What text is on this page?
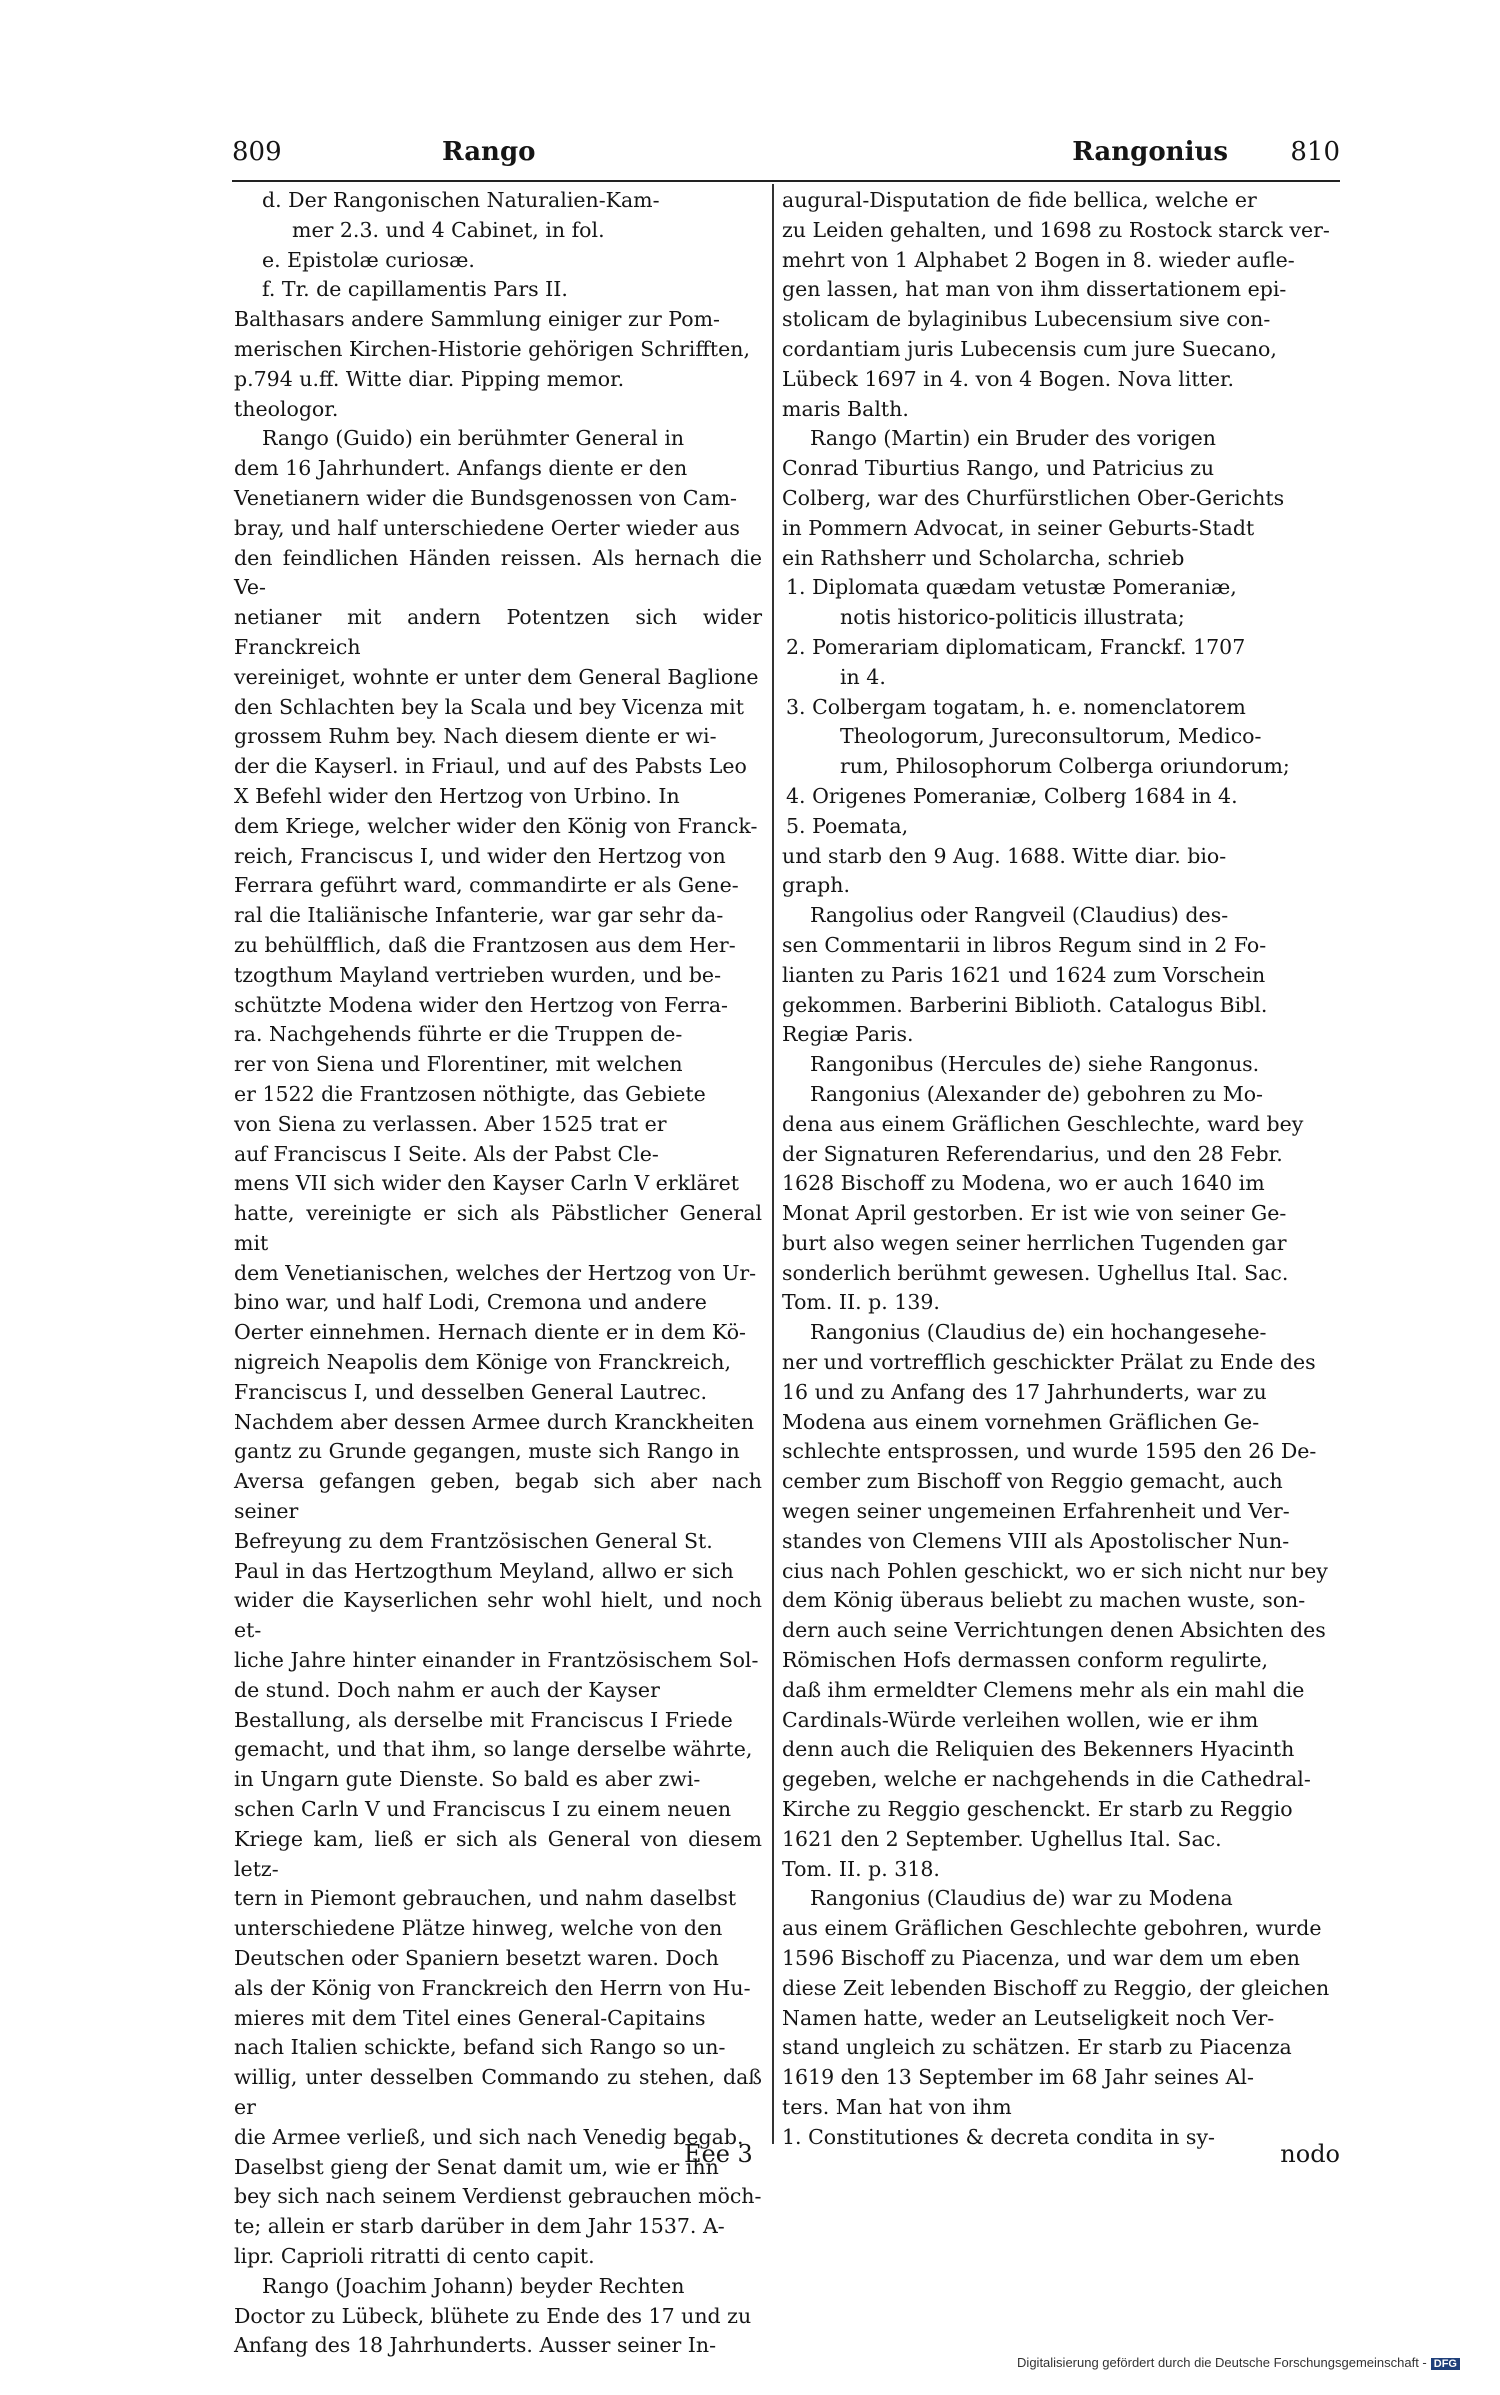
809	Rango	Rangonius 810

d. Der Rangonischen Naturalien-Kam-

mer 2.3. und 4 Cabinet, in fol.

e. Epistolæ curiosæ.

f. Tr. de capillamentis Pars II.

Balthasars andere Sammlung einiger zur Pom-

merischen Kirchen-Historie gehörigen Schrifften,

p.794 u.ff. Witte diar. Pipping memor.

theologor.

Rango (Guido) ein berühmter General in

dem 16 Jahrhundert. Anfangs diente er den

Venetianern wider die Bundsgenossen von Cam-

bray, und half unterschiedene Oerter wieder aus

den feindlichen Händen reissen. Als hernach die Ve-

netianer mit andern Potentzen sich wider Franckreich

vereiniget, wohnte er unter dem General Baglione

den Schlachten bey la Scala und bey Vicenza mit

grossem Ruhm bey. Nach diesem diente er wi-

der die Kayserl. in Friaul, und auf des Pabsts Leo

X Befehl wider den Hertzog von Urbino. In

dem Kriege, welcher wider den König von Franck-

reich, Franciscus I, und wider den Hertzog von

Ferrara geführt ward, commandirte er als Gene-

ral die Italiänische Infanterie, war gar sehr da-

zu behülfflich, daß die Frantzosen aus dem Her-

tzogthum Mayland vertrieben wurden, und be-

schützte Modena wider den Hertzog von Ferra-

ra. Nachgehends führte er die Truppen de-

rer von Siena und Florentiner, mit welchen

er 1522 die Frantzosen nöthigte, das Gebiete

von Siena zu verlassen. Aber 1525 trat er

auf Franciscus I Seite. Als der Pabst Cle-

mens VII sich wider den Kayser Carln V erkläret

hatte, vereinigte er sich als Päbstlicher General mit

dem Venetianischen, welches der Hertzog von Ur-

bino war, und half Lodi, Cremona und andere

Oerter einnehmen. Hernach diente er in dem Kö-

nigreich Neapolis dem Könige von Franckreich,

Franciscus I, und desselben General Lautrec.

Nachdem aber dessen Armee durch Kranckheiten

gantz zu Grunde gegangen, muste sich Rango in

Aversa gefangen geben, begab sich aber nach seiner

Befreyung zu dem Frantzösischen General St.

Paul in das Hertzogthum Meyland, allwo er sich

wider die Kayserlichen sehr wohl hielt, und noch et-

liche Jahre hinter einander in Frantzösischem Sol-

de stund. Doch nahm er auch der Kayser

Bestallung, als derselbe mit Franciscus I Friede

gemacht, und that ihm, so lange derselbe währte,

in Ungarn gute Dienste. So bald es aber zwi-

schen Carln V und Franciscus I zu einem neuen

Kriege kam, ließ er sich als General von diesem letz-

tern in Piemont gebrauchen, und nahm daselbst

unterschiedene Plätze hinweg, welche von den

Deutschen oder Spaniern besetzt waren. Doch

als der König von Franckreich den Herrn von Hu-

mieres mit dem Titel eines General-Capitains

nach Italien schickte, befand sich Rango so un-

willig, unter desselben Commando zu stehen, daß er

die Armee verließ, und sich nach Venedig begab.

Daselbst gieng der Senat damit um, wie er ihn

bey sich nach seinem Verdienst gebrauchen möch-

te; allein er starb darüber in dem Jahr 1537. A-

lipr. Caprioli ritratti di cento capit.

Rango (Joachim Johann) beyder Rechten

Doctor zu Lübeck, blühete zu Ende des 17 und zu

Anfang des 18 Jahrhunderts. Ausser seiner In-

augural-Disputation de fide bellica, welche er

zu Leiden gehalten, und 1698 zu Rostock starck ver-

mehrt von 1 Alphabet 2 Bogen in 8. wieder aufle-

gen lassen, hat man von ihm dissertationem epi-

stolicam de bylaginibus Lubecensium sive con-

cordantiam juris Lubecensis cum jure Suecano,

Lübeck 1697 in 4. von 4 Bogen. Nova litter.

maris Balth.

Rango (Martin) ein Bruder des vorigen

Conrad Tiburtius Rango, und Patricius zu

Colberg, war des Churfürstlichen Ober-Gerichts

in Pommern Advocat, in seiner Geburts-Stadt

ein Rathsherr und Scholarcha, schrieb

1. Diplomata quædam vetustæ Pomeraniæ,

notis historico-politicis illustrata;

2. Pomerariam diplomaticam, Franckf. 1707

in 4.

3. Colbergam togatam, h. e. nomenclatorem

Theologorum, Jureconsultorum, Medico-

rum, Philosophorum Colberga oriundorum;

4. Origenes Pomeraniæ, Colberg 1684 in 4.

5. Poemata,

und starb den 9 Aug. 1688. Witte diar. bio-

graph.

Rangolius oder Rangveil (Claudius) des-

sen Commentarii in libros Regum sind in 2 Fo-

lianten zu Paris 1621 und 1624 zum Vorschein

gekommen. Barberini Biblioth. Catalogus Bibl.

Regiæ Paris.

Rangonibus (Hercules de) siehe Rangonus.

Rangonius (Alexander de) gebohren zu Mo-

dena aus einem Gräflichen Geschlechte, ward bey

der Signaturen Referendarius, und den 28 Febr.

1628 Bischoff zu Modena, wo er auch 1640 im

Monat April gestorben. Er ist wie von seiner Ge-

burt also wegen seiner herrlichen Tugenden gar

sonderlich berühmt gewesen. Ughellus Ital. Sac.

Tom. II. p. 139.

Rangonius (Claudius de) ein hochangesehe-

ner und vortrefflich geschickter Prälat zu Ende des

16 und zu Anfang des 17 Jahrhunderts, war zu

Modena aus einem vornehmen Gräflichen Ge-

schlechte entsprossen, und wurde 1595 den 26 De-

cember zum Bischoff von Reggio gemacht, auch

wegen seiner ungemeinen Erfahrenheit und Ver-

standes von Clemens VIII als Apostolischer Nun-

cius nach Pohlen geschickt, wo er sich nicht nur bey

dem König überaus beliebt zu machen wuste, son-

dern auch seine Verrichtungen denen Absichten des

Römischen Hofs dermassen conform regulirte,

daß ihm ermeldter Clemens mehr als ein mahl die

Cardinals-Würde verleihen wollen, wie er ihm

denn auch die Reliquien des Bekenners Hyacinth

gegeben, welche er nachgehends in die Cathedral-

Kirche zu Reggio geschenckt. Er starb zu Reggio

1621 den 2 September. Ughellus Ital. Sac.

Tom. II. p. 318.

Rangonius (Claudius de) war zu Modena

aus einem Gräflichen Geschlechte gebohren, wurde

1596 Bischoff zu Piacenza, und war dem um eben

diese Zeit lebenden Bischoff zu Reggio, der gleichen

Namen hatte, weder an Leutseligkeit noch Ver-

stand ungleich zu schätzen. Er starb zu Piacenza

1619 den 13 September im 68 Jahr seines Al-

ters. Man hat von ihm

1. Constitutiones & decreta condita in sy-

Eee 3	nodo
Digitalisierung gefördert durch die Deutsche Forschungsgemeinschaft - DFG
